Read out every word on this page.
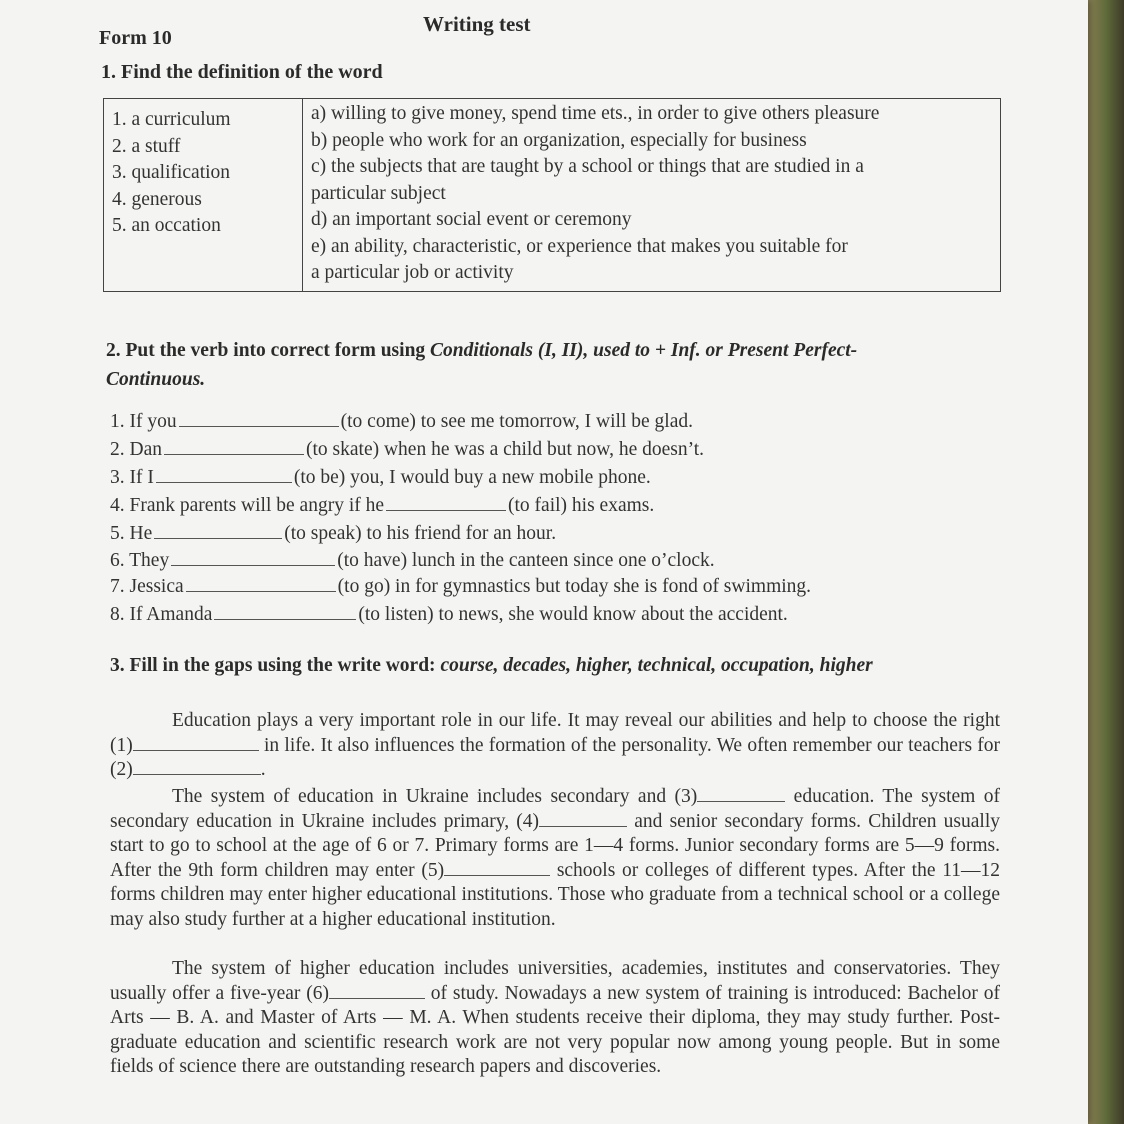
Writing test
Form 10
1. Find the definition of the word
1. a curriculum
2. a stuff
3. qualification
4. generous
5. an occation

a) willing to give money, spend time ets., in order to give others pleasure
b) people who work for an organization, especially for business
c) the subjects that are taught by a school or things that are studied in a
particular subject
d) an important social event or ceremony
e) an ability, characteristic, or experience that makes you suitable for
a particular job or activity
2. Put the verb into correct form using Conditionals (I, II), used to + Inf. or Present Perfect-
Continuous.
1. If you	(to come) to see me tomorrow, I will be glad.
2. Dan	(to skate) when he was a child but now, he doesn’t.
3. If I	(to be) you, I would buy a new mobile phone.
4. Frank parents will be angry if he	(to fail) his exams.
5. He	(to speak) to his friend for an hour.
6. They	(to have) lunch in the canteen since one o’clock.
7. Jessica	(to go) in for gymnastics but today she is fond of swimming.
8. If Amanda	(to listen) to news, she would know about the accident.
3. Fill in the gaps using the write word: course, decades, higher, technical, occupation, higher
Education plays a very important role in our life. It may reveal our abilities and help to choose the right (1)	in life. It also influences the formation of the personality. We often remember our teachers for (2)	.
The system of education in Ukraine includes secondary and (3)	education. The system of secondary education in Ukraine includes primary, (4)	and senior secondary forms. Children usually start to go to school at the age of 6 or 7. Primary forms are 1—4 forms. Junior secondary forms are 5—9 forms. After the 9th form children may enter (5)	schools or colleges of different types. After the 11—12 forms children may enter higher educational institutions. Those who graduate from a technical school or a college may also study further at a higher educational institution.
The system of higher education includes universities, academies, institutes and conservatories. They usually offer a five-year (6)	of study. Nowadays a new system of training is introduced: Bachelor of Arts — B. A. and Master of Arts — M. A. When students receive their diploma, they may study further. Post-graduate education and scientific research work are not very popular now among young people. But in some fields of science there are outstanding research papers and discoveries.
